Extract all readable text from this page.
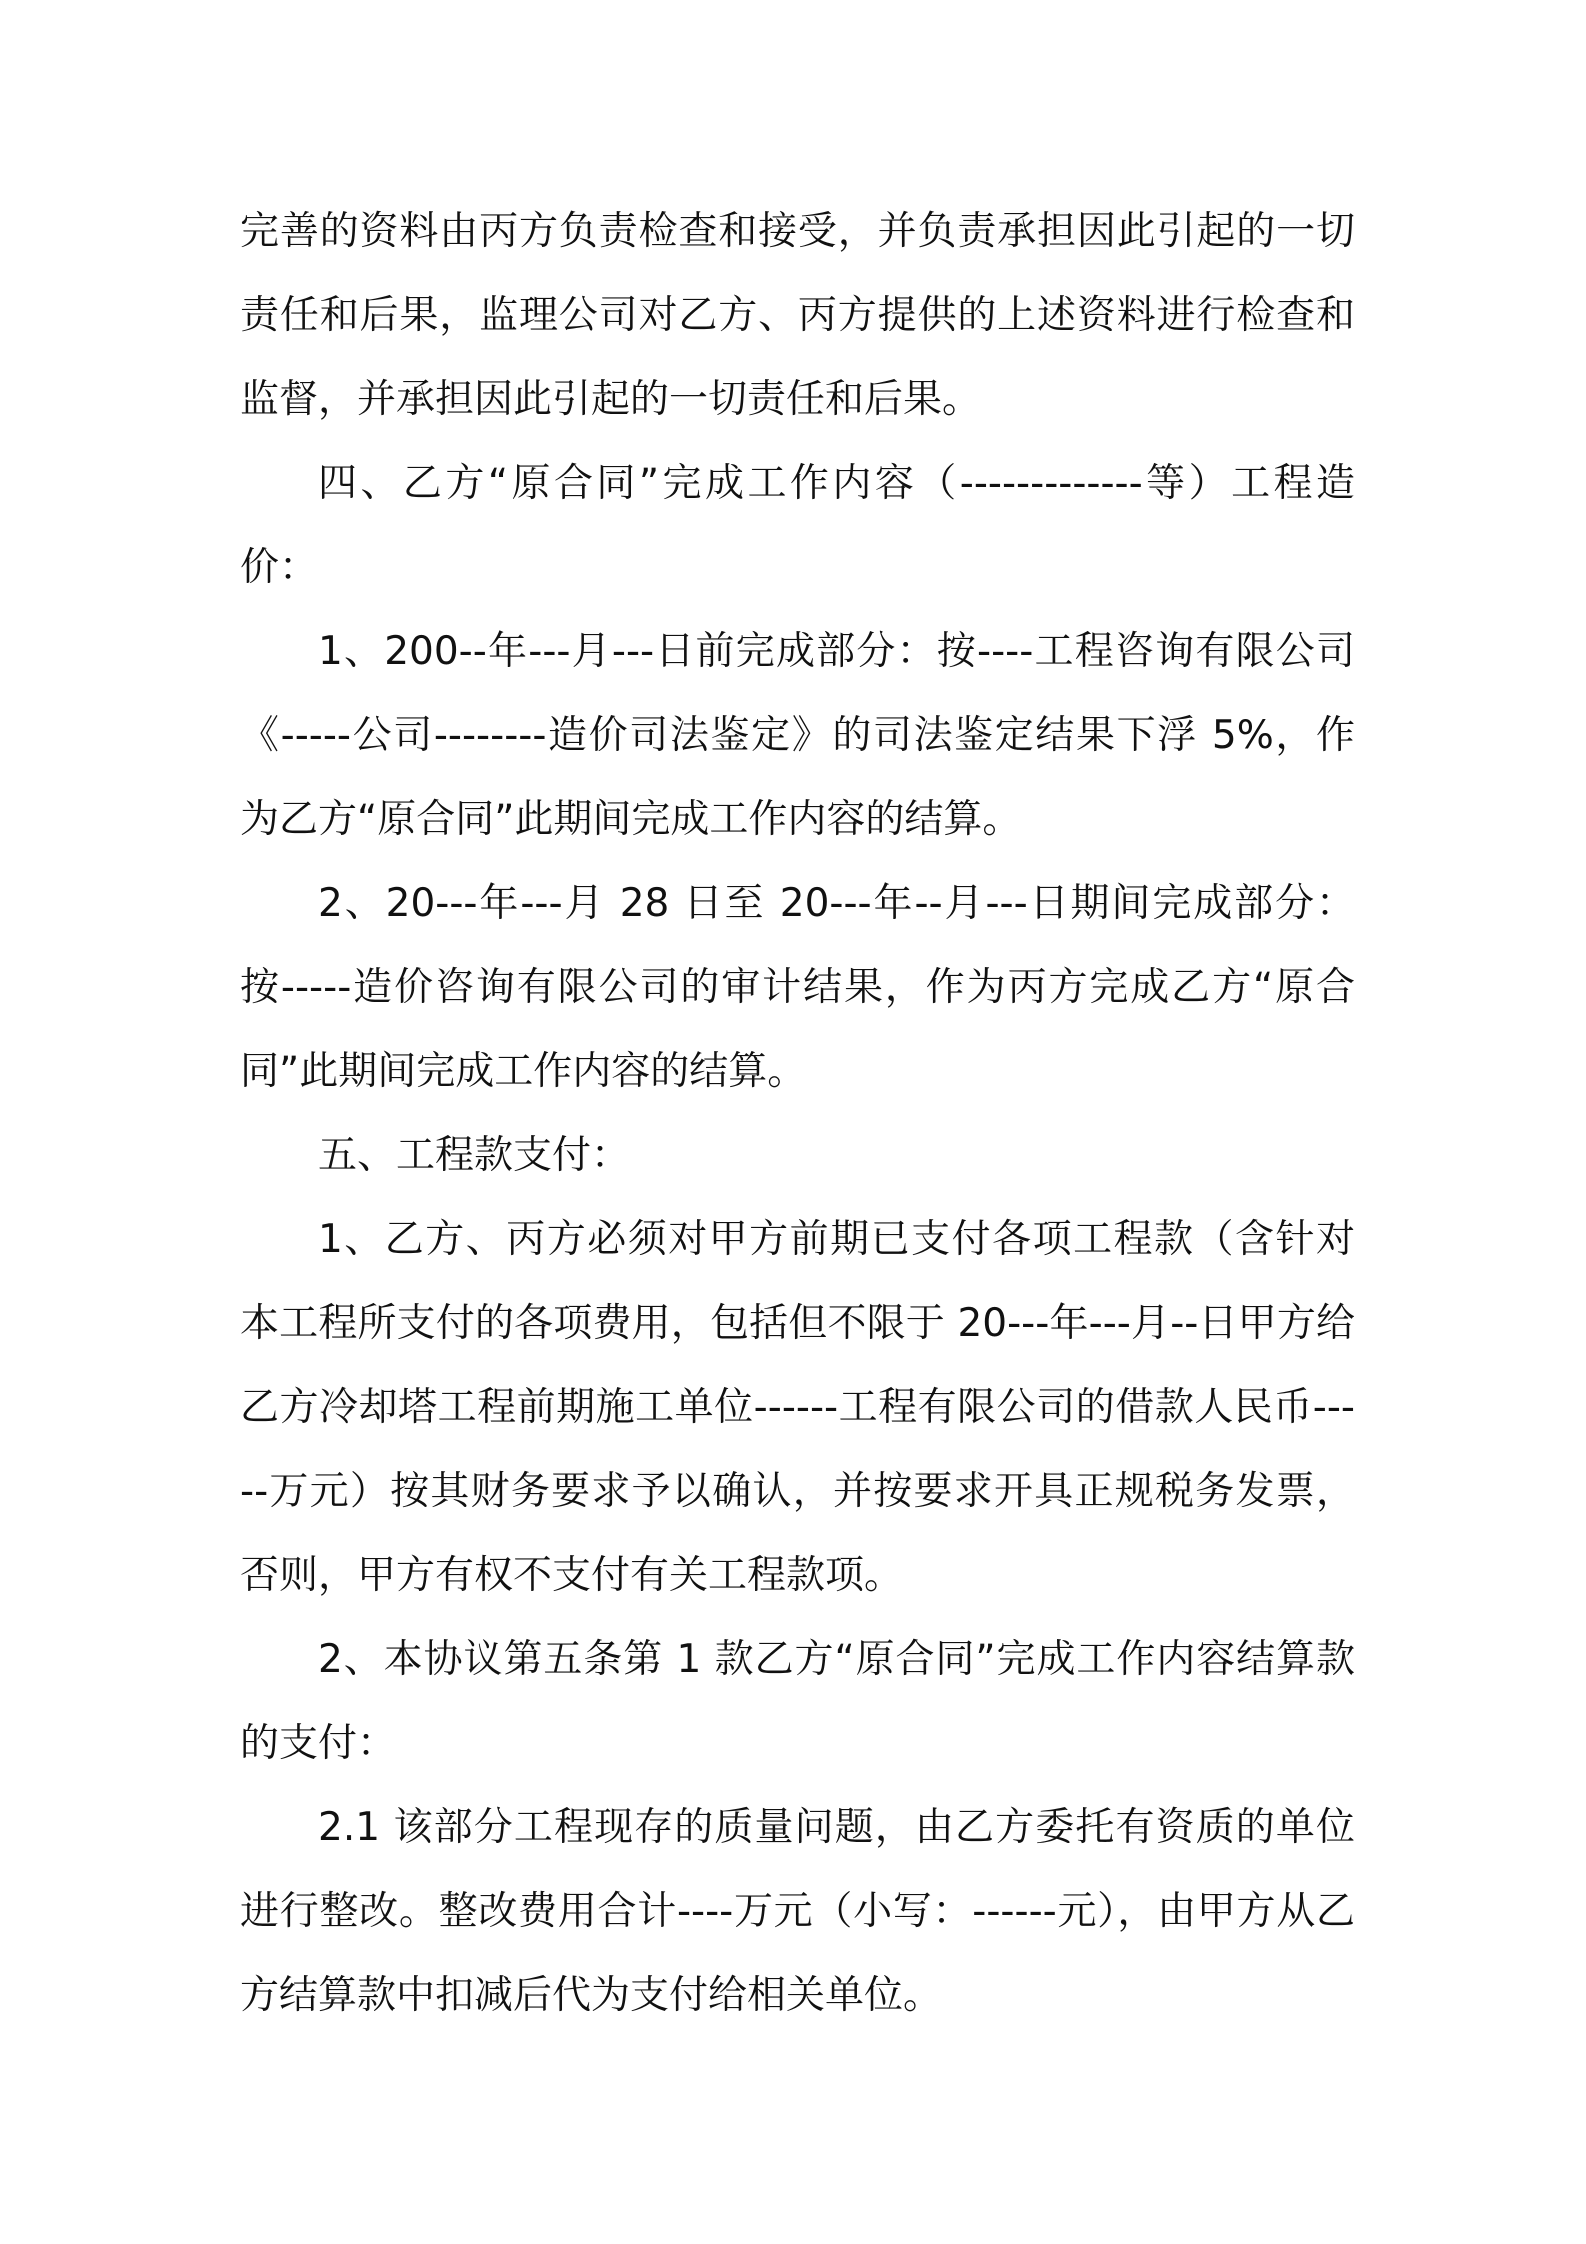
完善的资料由丙方负责检查和接受，并负责承担因此引起的一切责任和后果，监理公司对乙方、丙方提供的上述资料进行检查和监督，并承担因此引起的一切责任和后果。

四、乙方“原合同”完成工作内容（-------------等）工程造价：

1、200--年---月---日前完成部分：按----工程咨询有限公司《-----公司--------造价司法鉴定》的司法鉴定结果下浮 5%，作为乙方“原合同”此期间完成工作内容的结算。

2、20---年---月 28 日至 20---年--月---日期间完成部分：按-----造价咨询有限公司的审计结果，作为丙方完成乙方“原合同”此期间完成工作内容的结算。

五、工程款支付：

1、乙方、丙方必须对甲方前期已支付各项工程款（含针对本工程所支付的各项费用，包括但不限于 20---年---月--日甲方给乙方冷却塔工程前期施工单位------工程有限公司的借款人民币-----万元）按其财务要求予以确认，并按要求开具正规税务发票，否则，甲方有权不支付有关工程款项。

2、本协议第五条第 1 款乙方“原合同”完成工作内容结算款的支付：

2.1 该部分工程现存的质量问题，由乙方委托有资质的单位进行整改。整改费用合计----万元（小写：------元），由甲方从乙方结算款中扣减后代为支付给相关单位。
